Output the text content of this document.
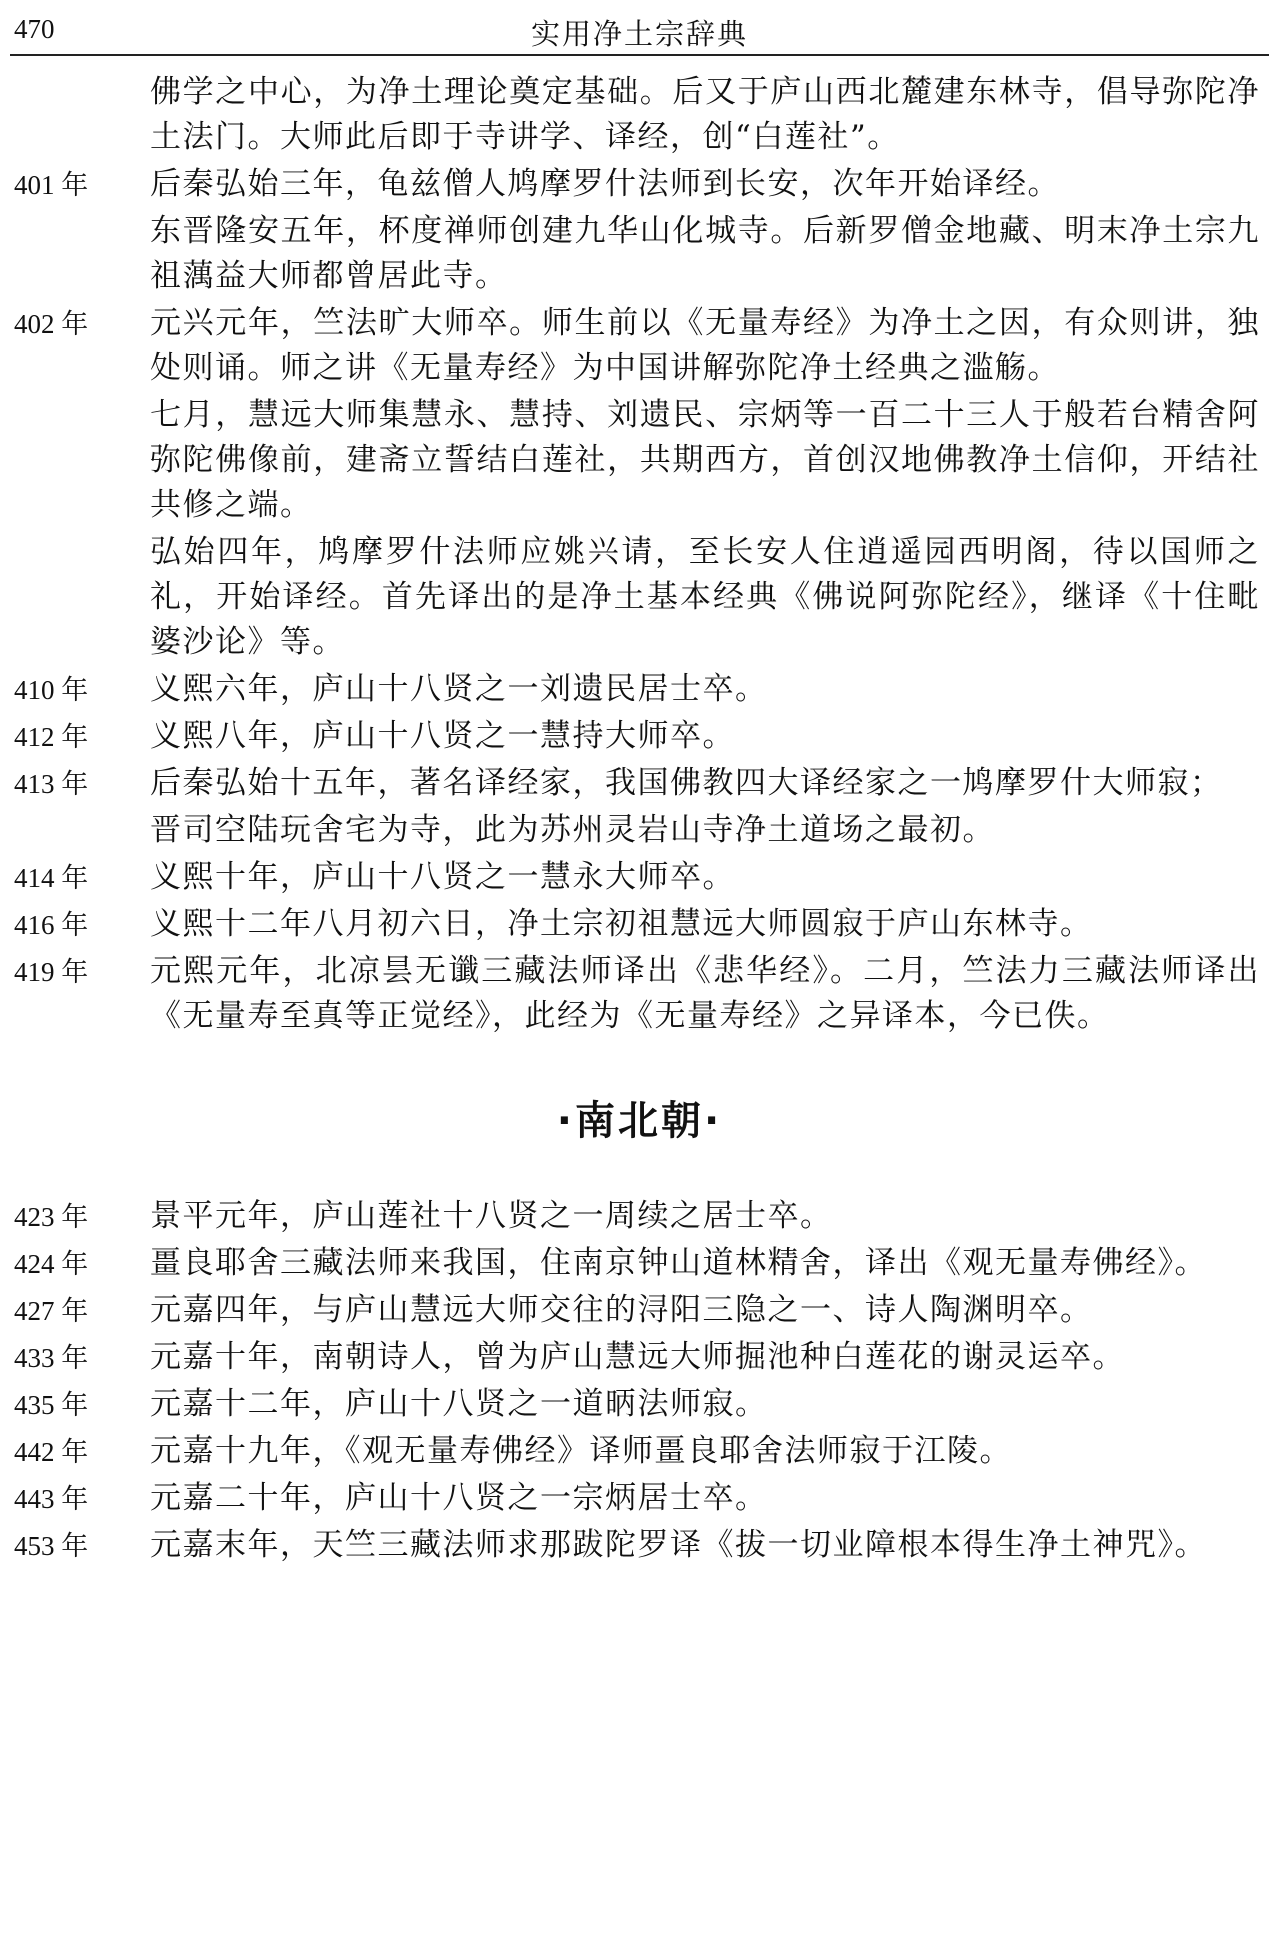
470	实用净土宗辞典

佛学之中心，为净土理论奠定基础。后又于庐山西北麓建东林寺，倡导弥陀净土法门。大师此后即于寺讲学、译经，创“白莲社”。

401 年	后秦弘始三年，龟兹僧人鸠摩罗什法师到长安，次年开始译经。

东晋隆安五年，杯度禅师创建九华山化城寺。后新罗僧金地藏、明末净土宗九祖蕅益大师都曾居此寺。

402 年	元兴元年，竺法旷大师卒。师生前以《无量寿经》为净土之因，有众则讲，独处则诵。师之讲《无量寿经》为中国讲解弥陀净土经典之滥觞。

七月，慧远大师集慧永、慧持、刘遗民、宗炳等一百二十三人于般若台精舍阿弥陀佛像前，建斋立誓结白莲社，共期西方，首创汉地佛教净土信仰，开结社共修之端。

弘始四年，鸠摩罗什法师应姚兴请，至长安人住逍遥园西明阁，待以国师之礼，开始译经。首先译出的是净土基本经典《佛说阿弥陀经》，继译《十住毗婆沙论》等。

410 年	义熙六年，庐山十八贤之一刘遗民居士卒。

412 年	义熙八年，庐山十八贤之一慧持大师卒。

413 年	后秦弘始十五年，著名译经家，我国佛教四大译经家之一鸠摩罗什大师寂；

晋司空陆玩舍宅为寺，此为苏州灵岩山寺净土道场之最初。

414 年	义熙十年，庐山十八贤之一慧永大师卒。

416 年	义熙十二年八月初六日，净土宗初祖慧远大师圆寂于庐山东林寺。

419 年	元熙元年，北凉昙无谶三藏法师译出《悲华经》。二月，竺法力三藏法师译出《无量寿至真等正觉经》，此经为《无量寿经》之异译本，今已佚。

·南北朝·
423 年	景平元年，庐山莲社十八贤之一周续之居士卒。

424 年	畺良耶舍三藏法师来我国，住南京钟山道林精舍，译出《观无量寿佛经》。

427 年	元嘉四年，与庐山慧远大师交往的浔阳三隐之一、诗人陶渊明卒。

433 年	元嘉十年，南朝诗人，曾为庐山慧远大师掘池种白莲花的谢灵运卒。

435 年	元嘉十二年，庐山十八贤之一道昞法师寂。

442 年	元嘉十九年，《观无量寿佛经》译师畺良耶舍法师寂于江陵。

443 年	元嘉二十年，庐山十八贤之一宗炳居士卒。

453 年	元嘉末年，天竺三藏法师求那跋陀罗译《拔一切业障根本得生净土神咒》。
